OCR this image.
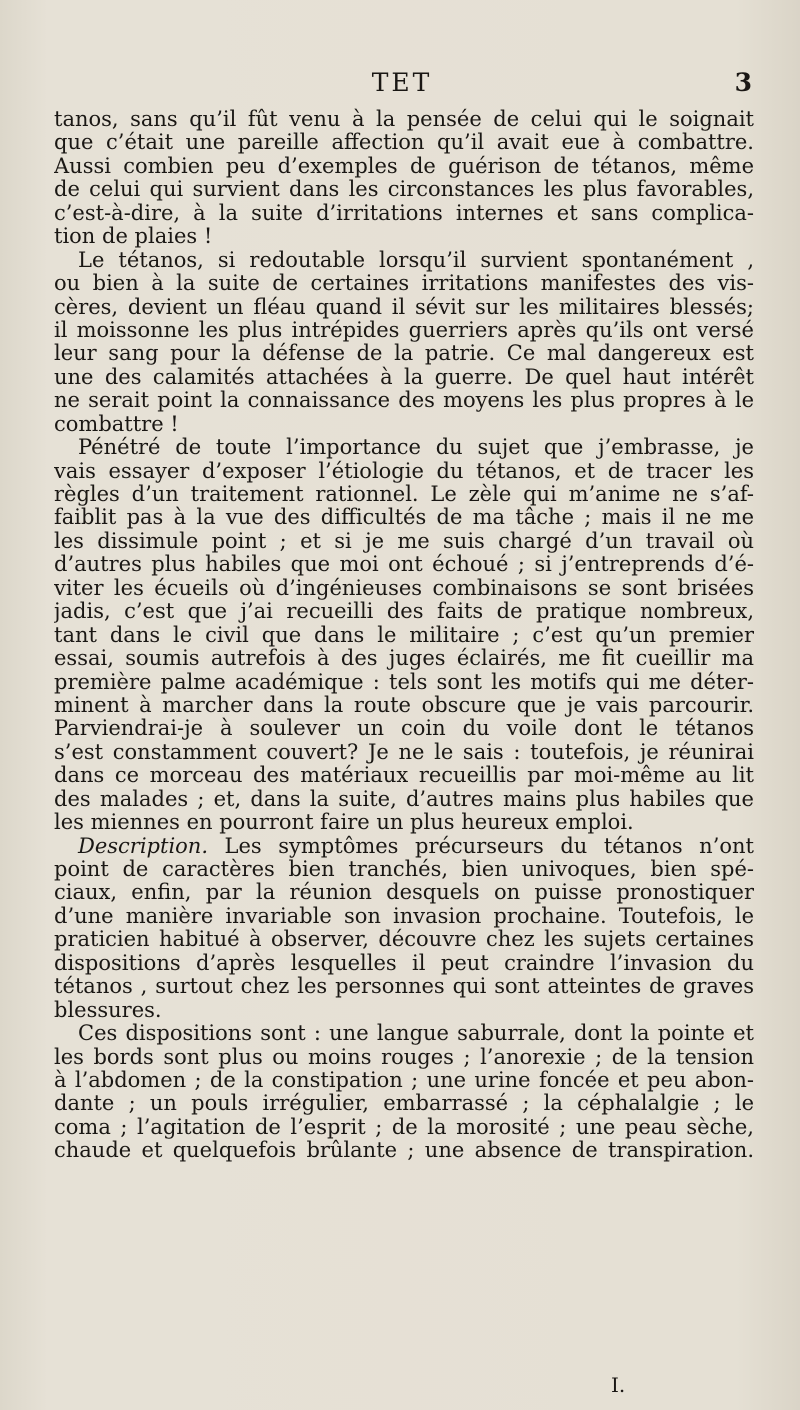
TET	3
tanos, sans qu’il fût venu à la pensée de celui qui le soignait
que c’était une pareille affection qu’il avait eue à combattre.
Aussi combien peu d’exemples de guérison de tétanos, même
de celui qui survient dans les circonstances les plus favorables,
c’est-à-dire, à la suite d’irritations internes et sans complica-
tion de plaies !
Le tétanos, si redoutable lorsqu’il survient spontanément ,
ou bien à la suite de certaines irritations manifestes des vis-
cères, devient un fléau quand il sévit sur les militaires blessés;
il moissonne les plus intrépides guerriers après qu’ils ont versé
leur sang pour la défense de la patrie. Ce mal dangereux est
une des calamités attachées à la guerre. De quel haut intérêt
ne serait point la connaissance des moyens les plus propres à le
combattre !
Pénétré de toute l’importance du sujet que j’embrasse, je
vais essayer d’exposer l’étiologie du tétanos, et de tracer les
règles d’un traitement rationnel. Le zèle qui m’anime ne s’af-
faiblit pas à la vue des difficultés de ma tâche ; mais il ne me
les dissimule point ; et si je me suis chargé d’un travail où
d’autres plus habiles que moi ont échoué ; si j’entreprends d’é-
viter les écueils où d’ingénieuses combinaisons se sont brisées
jadis, c’est que j’ai recueilli des faits de pratique nombreux,
tant dans le civil que dans le militaire ; c’est qu’un premier
essai, soumis autrefois à des juges éclairés, me fit cueillir ma
première palme académique : tels sont les motifs qui me déter-
minent à marcher dans la route obscure que je vais parcourir.
Parviendrai-je à soulever un coin du voile dont le tétanos
s’est constamment couvert? Je ne le sais : toutefois, je réunirai
dans ce morceau des matériaux recueillis par moi-même au lit
des malades ; et, dans la suite, d’autres mains plus habiles que
les miennes en pourront faire un plus heureux emploi.
Description. Les symptômes précurseurs du tétanos n’ont
point de caractères bien tranchés, bien univoques, bien spé-
ciaux, enfin, par la réunion desquels on puisse pronostiquer
d’une manière invariable son invasion prochaine. Toutefois, le
praticien habitué à observer, découvre chez les sujets certaines
dispositions d’après lesquelles il peut craindre l’invasion du
tétanos , surtout chez les personnes qui sont atteintes de graves
blessures.
Ces dispositions sont : une langue saburrale, dont la pointe et
les bords sont plus ou moins rouges ; l’anorexie ; de la tension
à l’abdomen ; de la constipation ; une urine foncée et peu abon-
dante ; un pouls irrégulier, embarrassé ; la céphalalgie ; le
coma ; l’agitation de l’esprit ; de la morosité ; une peau sèche,
chaude et quelquefois brûlante ; une absence de transpiration.
I.
